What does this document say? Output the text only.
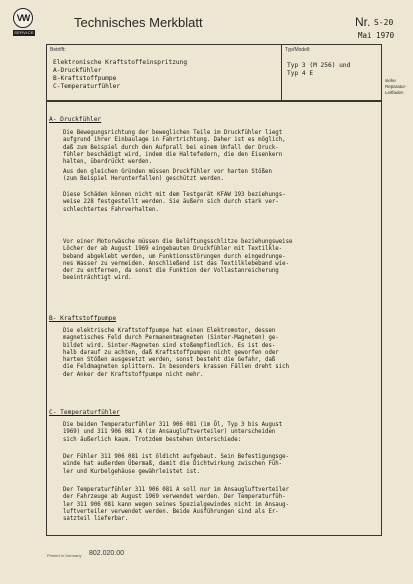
VW
SERVICE
Technisches Merkblatt	Nr. S-20
Mai 1970
Betrifft:
Elektronische Kraftstoffeinspritzung
A-Druckfühler
B-Kraftstoffpumpe
C-Temperaturfühler
Typ/Modell:
Typ 3 (M 256) und
Typ 4 E
siehe
Reparatur-
Leitfaden
A- Druckfühler
Die Bewegungsrichtung der beweglichen Teile im Druckfühler liegt
aufgrund ihrer Einbaulage in Fahrtrichtung. Daher ist es möglich,
daß zum Beispiel durch den Aufprall bei einem Unfall der Druck-
fühler beschädigt wird, indem die Haltefedern, die den Eisenkern
halten, überdrückt werden.
Aus den gleichen Gründen müssen Druckfühler vor harten Stößen
(zum Beispiel Herunterfallen) geschützt werden.
Diese Schäden können nicht mit dem Testgerät KFAW 193 beziehungs-
weise 228 festgestellt werden. Sie äußern sich durch stark ver-
schlechtertes Fahrverhalten.
Vor einer Motorwäsche müssen die Belüftungsschlitze beziehungsweise
Löcher der ab August 1969 eingebauten Druckfühler mit Textilkle-
beband abgeklebt werden, um Funktionsstörungen durch eingedrunge-
nes Wasser zu vermeiden. Anschließend ist das Textilklebeband wie-
der zu entfernen, da sonst die Funktion der Vollastanreicherung
beeinträchtigt wird.
B- Kraftstoffpumpe
Die elektrische Kraftstoffpumpe hat einen Elektromotor, dessen
magnetisches Feld durch Permanentmagneten (Sinter-Magneten) ge-
bildet wird. Sinter-Magneten sind stoßempfindlich. Es ist des-
halb darauf zu achten, daß Kraftstoffpumpen nicht geworfen oder
harten Stößen ausgesetzt werden, sonst besteht die Gefahr, daß
die Feldmagneten splittern. In besonders krassen Fällen dreht sich
der Anker der Kraftstoffpumpe nicht mehr.
C- Temperaturfühler
Die beiden Temperaturfühler 311 906 081 (im Öl, Typ 3 bis August
1969) und 311 906 081 A (im Ansaugluftverteiler) unterscheiden
sich äußerlich kaum. Trotzdem bestehen Unterschiede:
Der Fühler 311 906 081 ist öldicht aufgebaut. Sein Befestigungsge-
winde hat außerdem Übermaß, damit die Dichtwirkung zwischen Füh-
ler und Kurbelgehäuse gewährleistet ist.
Der Temperaturfühler 311 906 081 A soll nur im Ansaugluftverteiler
der Fahrzeuge ab August 1969 verwendet werden. Der Temperaturfüh-
ler 311 906 081 kann wegen seines Spezialgewindes nicht im Ansaug-
luftverteiler verwendet werden. Beide Ausführungen sind als Er-
satzteil lieferbar.
Printed in Germany 802.020.00
